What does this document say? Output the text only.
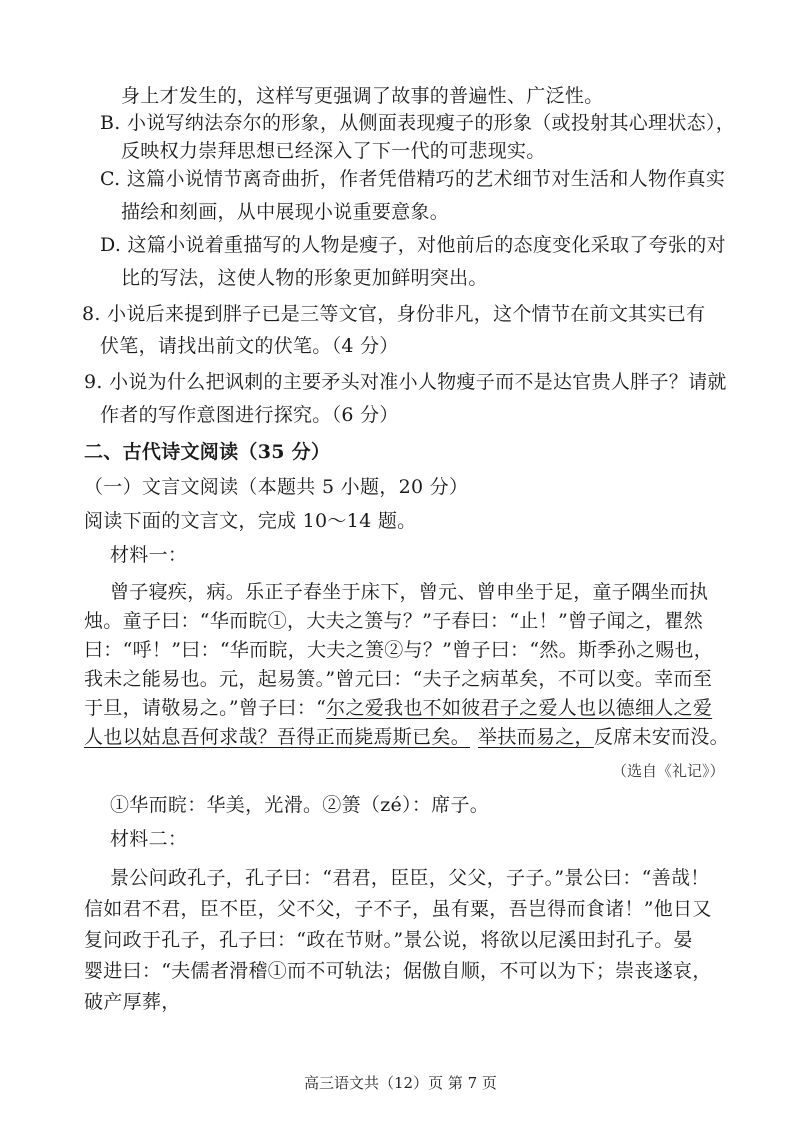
身上才发生的，这样写更强调了故事的普遍性、广泛性。
B. 小说写纳法奈尔的形象，从侧面表现瘦子的形象（或投射其心理状态），
反映权力崇拜思想已经深入了下一代的可悲现实。
C. 这篇小说情节离奇曲折，作者凭借精巧的艺术细节对生活和人物作真实
描绘和刻画，从中展现小说重要意象。
D. 这篇小说着重描写的人物是瘦子，对他前后的态度变化采取了夸张的对
比的写法，这使人物的形象更加鲜明突出。
8. 小说后来提到胖子已是三等文官，身份非凡，这个情节在前文其实已有
伏笔，请找出前文的伏笔。（4 分）
9. 小说为什么把讽刺的主要矛头对准小人物瘦子而不是达官贵人胖子？请就
作者的写作意图进行探究。（6 分）
二、古代诗文阅读（35 分）
（一）文言文阅读（本题共 5 小题，20 分）
阅读下面的文言文，完成 10～14 题。
材料一：
曾子寝疾，病。乐正子春坐于床下，曾元、曾申坐于足，童子隅坐而执
烛。童子曰：“华而睆①，大夫之箦与？”子春曰：“止！”曾子闻之，瞿然
曰：“呼！”曰：“华而睆，大夫之箦②与？”曾子曰：“然。斯季孙之赐也，
我未之能易也。元，起易箦。”曾元曰：“夫子之病革矣，不可以变。幸而至
于旦，请敬易之。”曾子曰：“尔之爱我也不如彼君子之爱人也以德细人之爱
人也以姑息吾何求哉？吾得正而毙焉斯已矣。 举扶而易之，反席未安而没。
（选自《礼记》）
①华而睆：华美，光滑。②箦（zé）：席子。
材料二：
景公问政孔子，孔子曰：“君君，臣臣，父父，子子。”景公曰：“善哉！
信如君不君，臣不臣，父不父，子不子，虽有粟，吾岂得而食诸！”他日又
复问政于孔子，孔子曰：“政在节财。”景公说，将欲以尼溪田封孔子。晏
婴进曰：“夫儒者滑稽①而不可轨法；倨傲自顺，不可以为下；崇丧遂哀，
破产厚葬，
高三语文共（12）页 第 7 页
